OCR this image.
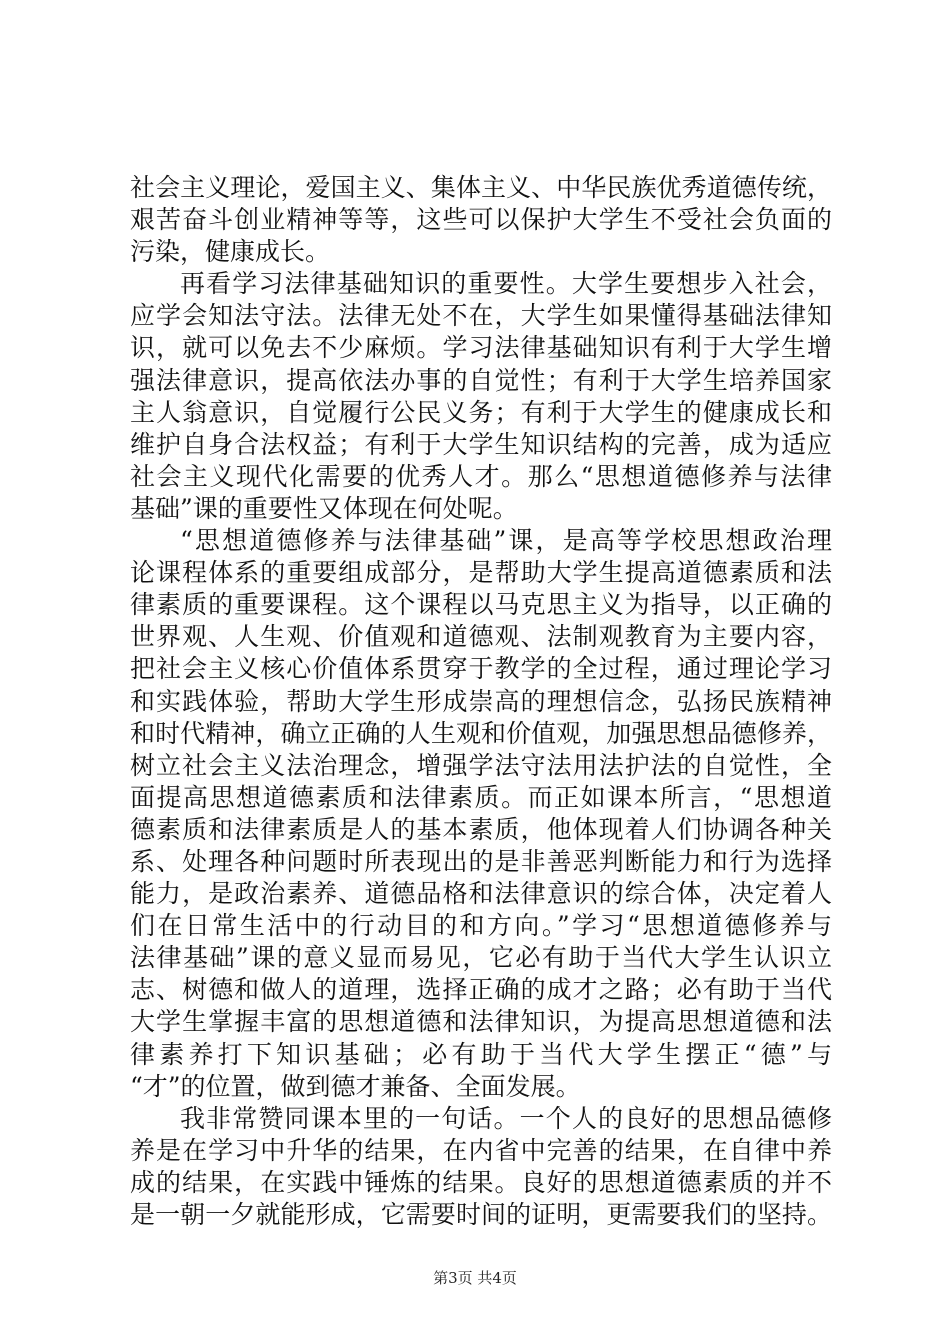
社会主义理论，爱国主义、集体主义、中华民族优秀道德传统，
艰苦奋斗创业精神等等，这些可以保护大学生不受社会负面的
污染，健康成长。
再看学习法律基础知识的重要性。大学生要想步入社会，
应学会知法守法。法律无处不在，大学生如果懂得基础法律知
识，就可以免去不少麻烦。学习法律基础知识有利于大学生增
强法律意识，提高依法办事的自觉性；有利于大学生培养国家
主人翁意识，自觉履行公民义务；有利于大学生的健康成长和
维护自身合法权益；有利于大学生知识结构的完善，成为适应
社会主义现代化需要的优秀人才。那么“思想道德修养与法律
基础”课的重要性又体现在何处呢。
“思想道德修养与法律基础”课，是高等学校思想政治理
论课程体系的重要组成部分，是帮助大学生提高道德素质和法
律素质的重要课程。这个课程以马克思主义为指导，以正确的
世界观、人生观、价值观和道德观、法制观教育为主要内容，
把社会主义核心价值体系贯穿于教学的全过程，通过理论学习
和实践体验，帮助大学生形成崇高的理想信念，弘扬民族精神
和时代精神，确立正确的人生观和价值观，加强思想品德修养，
树立社会主义法治理念，增强学法守法用法护法的自觉性，全
面提高思想道德素质和法律素质。而正如课本所言，“思想道
德素质和法律素质是人的基本素质，他体现着人们协调各种关
系、处理各种问题时所表现出的是非善恶判断能力和行为选择
能力，是政治素养、道德品格和法律意识的综合体，决定着人
们在日常生活中的行动目的和方向。”学习“思想道德修养与
法律基础”课的意义显而易见，它必有助于当代大学生认识立
志、树德和做人的道理，选择正确的成才之路；必有助于当代
大学生掌握丰富的思想道德和法律知识，为提高思想道德和法
律素养打下知识基础；必有助于当代大学生摆正“德”与
“才”的位置，做到德才兼备、全面发展。
我非常赞同课本里的一句话。一个人的良好的思想品德修
养是在学习中升华的结果，在内省中完善的结果，在自律中养
成的结果，在实践中锤炼的结果。良好的思想道德素质的并不
是一朝一夕就能形成，它需要时间的证明，更需要我们的坚持。
第3页 共4页
